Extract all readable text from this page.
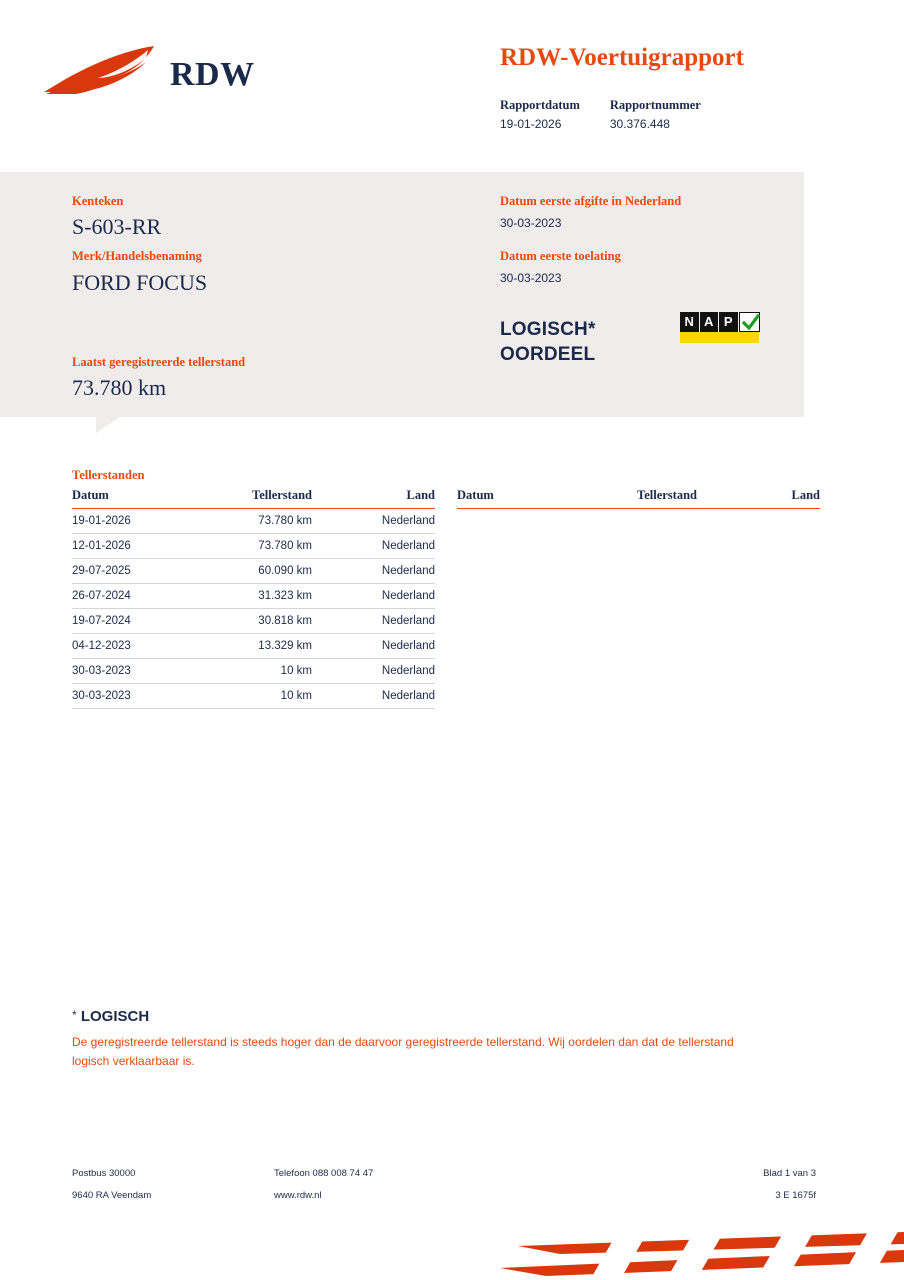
RDW	RDW-Voertuigrapport
Rapportdatum
19-01-2026
Rapportnummer
30.376.448
Kenteken
S-603-RR
Merk/Handelsbenaming
FORD FOCUS
Laatst geregistreerde tellerstand
73.780 km
Datum eerste afgifte in Nederland
30-03-2023
Datum eerste toelating
30-03-2023
LOGISCH*
OORDEEL
N A P
Tellerstanden
Datum	Tellerstand	Land
19-01-2026	73.780 km	Nederland
12-01-2026	73.780 km	Nederland
29-07-2025	60.090 km	Nederland
26-07-2024	31.323 km	Nederland
19-07-2024	30.818 km	Nederland
04-12-2023	13.329 km	Nederland
30-03-2023	10 km	Nederland
30-03-2023	10 km	Nederland
Datum	Tellerstand	Land
* LOGISCH
De geregistreerde tellerstand is steeds hoger dan de daarvoor geregistreerde tellerstand. Wij oordelen dan dat de tellerstand logisch verklaarbaar is.
Postbus 30000	Telefoon 088 008 74 47	Blad 1 van 3
9640 RA Veendam	www.rdw.nl	3 E 1675f
